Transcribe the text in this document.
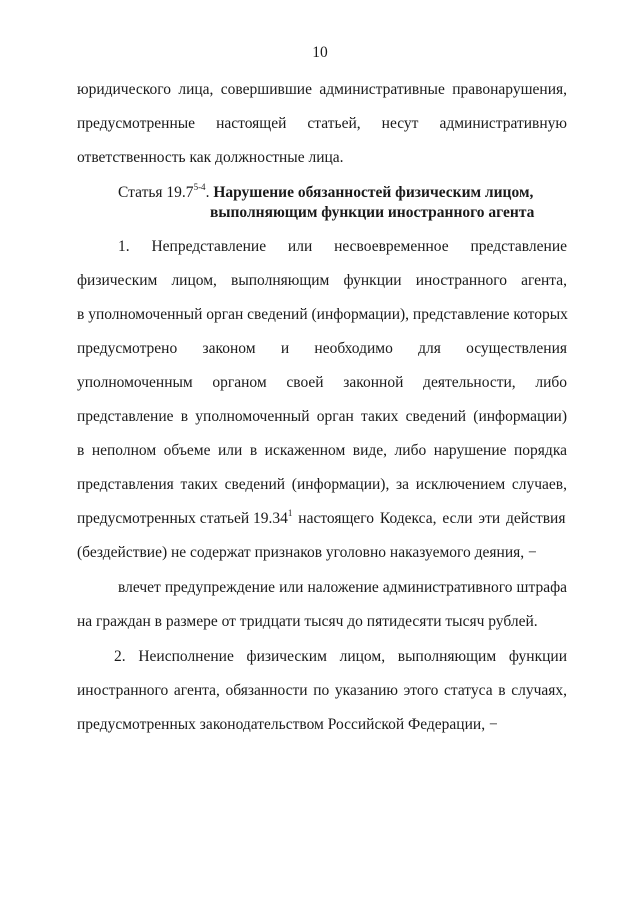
10
юридического лица, совершившие административные правонарушения,
предусмотренные настоящей статьей, несут административную
ответственность как должностные лица.
Статья 19.7$^{5-4}$. Нарушение обязанностей физическим лицом,
выполняющим функции иностранного агента
1. Непредставление или несвоевременное представление
физическим лицом, выполняющим функции иностранного агента,
в уполномоченный орган сведений (информации), представление которых
предусмотрено законом и необходимо для осуществления
уполномоченным органом своей законной деятельности, либо
представление в уполномоченный орган таких сведений (информации)
в неполном объеме или в искаженном виде, либо нарушение порядка
представления таких сведений (информации), за исключением случаев,
предусмотренных статьей 19.34$^1$ настоящего Кодекса, если эти действия
(бездействие) не содержат признаков уголовно наказуемого деяния, −
влечет предупреждение или наложение административного штрафа
на граждан в размере от тридцати тысяч до пятидесяти тысяч рублей.
2. Неисполнение физическим лицом, выполняющим функции
иностранного агента, обязанности по указанию этого статуса в случаях,
предусмотренных законодательством Российской Федерации, −
